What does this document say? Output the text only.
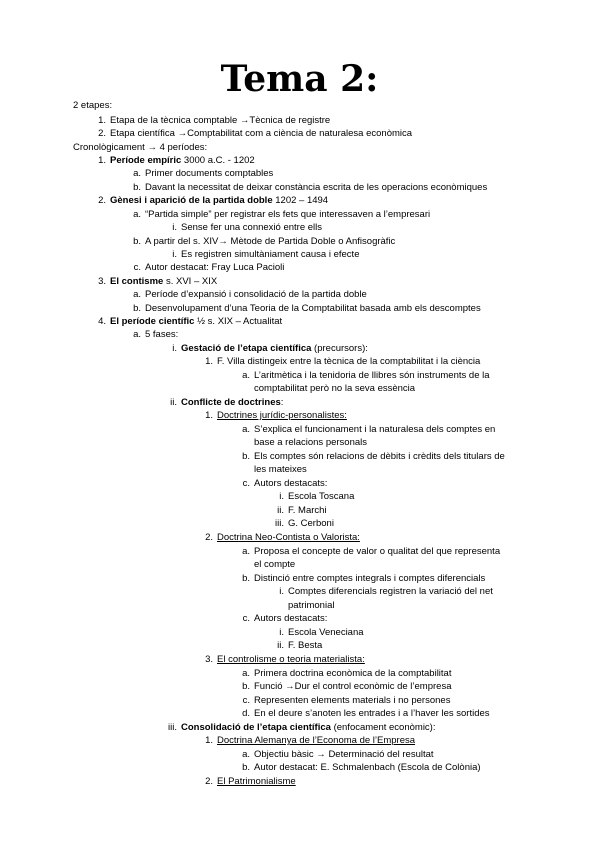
Tema 2:
2 etapes:
1. Etapa de la tècnica comptable →Tècnica de registre
2. Etapa científica →Comptabilitat com a ciència de naturalesa econòmica
Cronològicament → 4 períodes:
1. Període empíric 3000 a.C. - 1202
a. Primer documents comptables
b. Davant la necessitat de deixar constància escrita de les operacions econòmiques
2. Gènesi i aparició de la partida doble 1202 – 1494
a. “Partida simple” per registrar els fets que interessaven a l’empresari
i. Sense fer una connexió entre ells
b. A partir del s. XIV→ Mètode de Partida Doble o Anfisogràfic
i. Es registren simultàniament causa i efecte
c. Autor destacat: Fray Luca Pacioli
3. El contisme s. XVI – XIX
a. Període d’expansió i consolidació de la partida doble
b. Desenvolupament d’una Teoria de la Comptabilitat basada amb els descomptes
4. El període científic ½ s. XIX – Actualitat
a. 5 fases:
i. Gestació de l’etapa científica (precursors):
1. F. Villa distingeix entre la tècnica de la comptabilitat i la ciència
a. L’aritmètica i la tenidoria de llibres són instruments de la
comptabilitat però no la seva essència
ii. Conflicte de doctrines:
1. Doctrines jurídic-personalistes:
a. S’explica el funcionament i la naturalesa dels comptes en
base a relacions personals
b. Els comptes són relacions de dèbits i crèdits dels titulars de
les mateixes
c. Autors destacats:
i. Escola Toscana
ii. F. Marchi
iii. G. Cerboni
2. Doctrina Neo-Contista o Valorista:
a. Proposa el concepte de valor o qualitat del que representa
el compte
b. Distinció entre comptes integrals i comptes diferencials
i. Comptes diferencials registren la variació del net
patrimonial
c. Autors destacats:
i. Escola Veneciana
ii. F. Besta
3. El controlisme o teoria materialista:
a. Primera doctrina econòmica de la comptabilitat
b. Funció →Dur el control econòmic de l’empresa
c. Representen elements materials i no persones
d. En el deure s’anoten les entrades i a l’haver les sortides
iii. Consolidació de l’etapa científica (enfocament econòmic):
1. Doctrina Alemanya de l’Economa de l’Empresa
a. Objectiu bàsic → Determinació del resultat
b. Autor destacat: E. Schmalenbach (Escola de Colònia)
2. El Patrimonialisme
